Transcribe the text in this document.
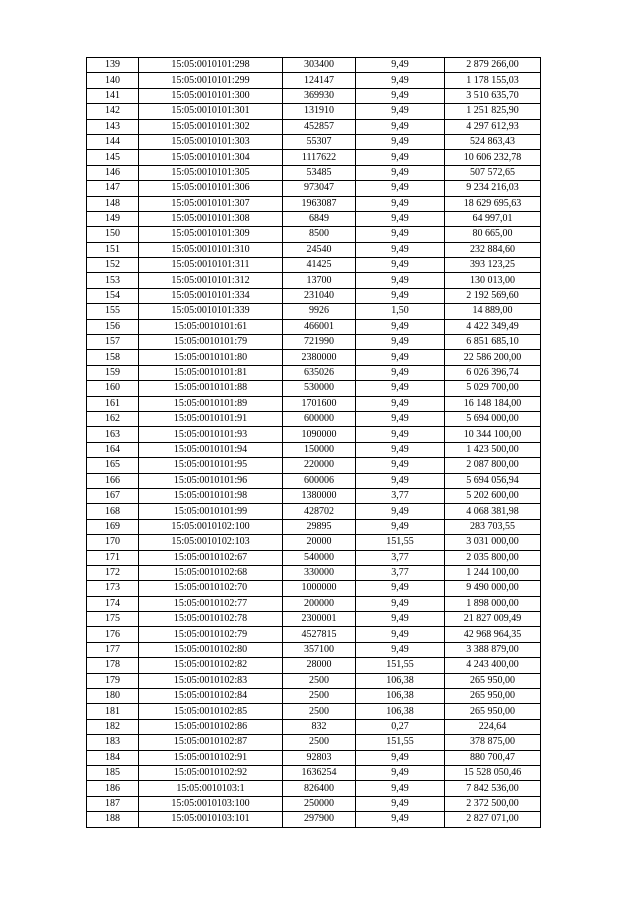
139	15:05:0010101:298	303400	9,49	2 879 266,00
140	15:05:0010101:299	124147	9,49	1 178 155,03
141	15:05:0010101:300	369930	9,49	3 510 635,70
142	15:05:0010101:301	131910	9,49	1 251 825,90
143	15:05:0010101:302	452857	9,49	4 297 612,93
144	15:05:0010101:303	55307	9,49	524 863,43
145	15:05:0010101:304	1117622	9,49	10 606 232,78
146	15:05:0010101:305	53485	9,49	507 572,65
147	15:05:0010101:306	973047	9,49	9 234 216,03
148	15:05:0010101:307	1963087	9,49	18 629 695,63
149	15:05:0010101:308	6849	9,49	64 997,01
150	15:05:0010101:309	8500	9,49	80 665,00
151	15:05:0010101:310	24540	9,49	232 884,60
152	15:05:0010101:311	41425	9,49	393 123,25
153	15:05:0010101:312	13700	9,49	130 013,00
154	15:05:0010101:334	231040	9,49	2 192 569,60
155	15:05:0010101:339	9926	1,50	14 889,00
156	15:05:0010101:61	466001	9,49	4 422 349,49
157	15:05:0010101:79	721990	9,49	6 851 685,10
158	15:05:0010101:80	2380000	9,49	22 586 200,00
159	15:05:0010101:81	635026	9,49	6 026 396,74
160	15:05:0010101:88	530000	9,49	5 029 700,00
161	15:05:0010101:89	1701600	9,49	16 148 184,00
162	15:05:0010101:91	600000	9,49	5 694 000,00
163	15:05:0010101:93	1090000	9,49	10 344 100,00
164	15:05:0010101:94	150000	9,49	1 423 500,00
165	15:05:0010101:95	220000	9,49	2 087 800,00
166	15:05:0010101:96	600006	9,49	5 694 056,94
167	15:05:0010101:98	1380000	3,77	5 202 600,00
168	15:05:0010101:99	428702	9,49	4 068 381,98
169	15:05:0010102:100	29895	9,49	283 703,55
170	15:05:0010102:103	20000	151,55	3 031 000,00
171	15:05:0010102:67	540000	3,77	2 035 800,00
172	15:05:0010102:68	330000	3,77	1 244 100,00
173	15:05:0010102:70	1000000	9,49	9 490 000,00
174	15:05:0010102:77	200000	9,49	1 898 000,00
175	15:05:0010102:78	2300001	9,49	21 827 009,49
176	15:05:0010102:79	4527815	9,49	42 968 964,35
177	15:05:0010102:80	357100	9,49	3 388 879,00
178	15:05:0010102:82	28000	151,55	4 243 400,00
179	15:05:0010102:83	2500	106,38	265 950,00
180	15:05:0010102:84	2500	106,38	265 950,00
181	15:05:0010102:85	2500	106,38	265 950,00
182	15:05:0010102:86	832	0,27	224,64
183	15:05:0010102:87	2500	151,55	378 875,00
184	15:05:0010102:91	92803	9,49	880 700,47
185	15:05:0010102:92	1636254	9,49	15 528 050,46
186	15:05:0010103:1	826400	9,49	7 842 536,00
187	15:05:0010103:100	250000	9,49	2 372 500,00
188	15:05:0010103:101	297900	9,49	2 827 071,00
